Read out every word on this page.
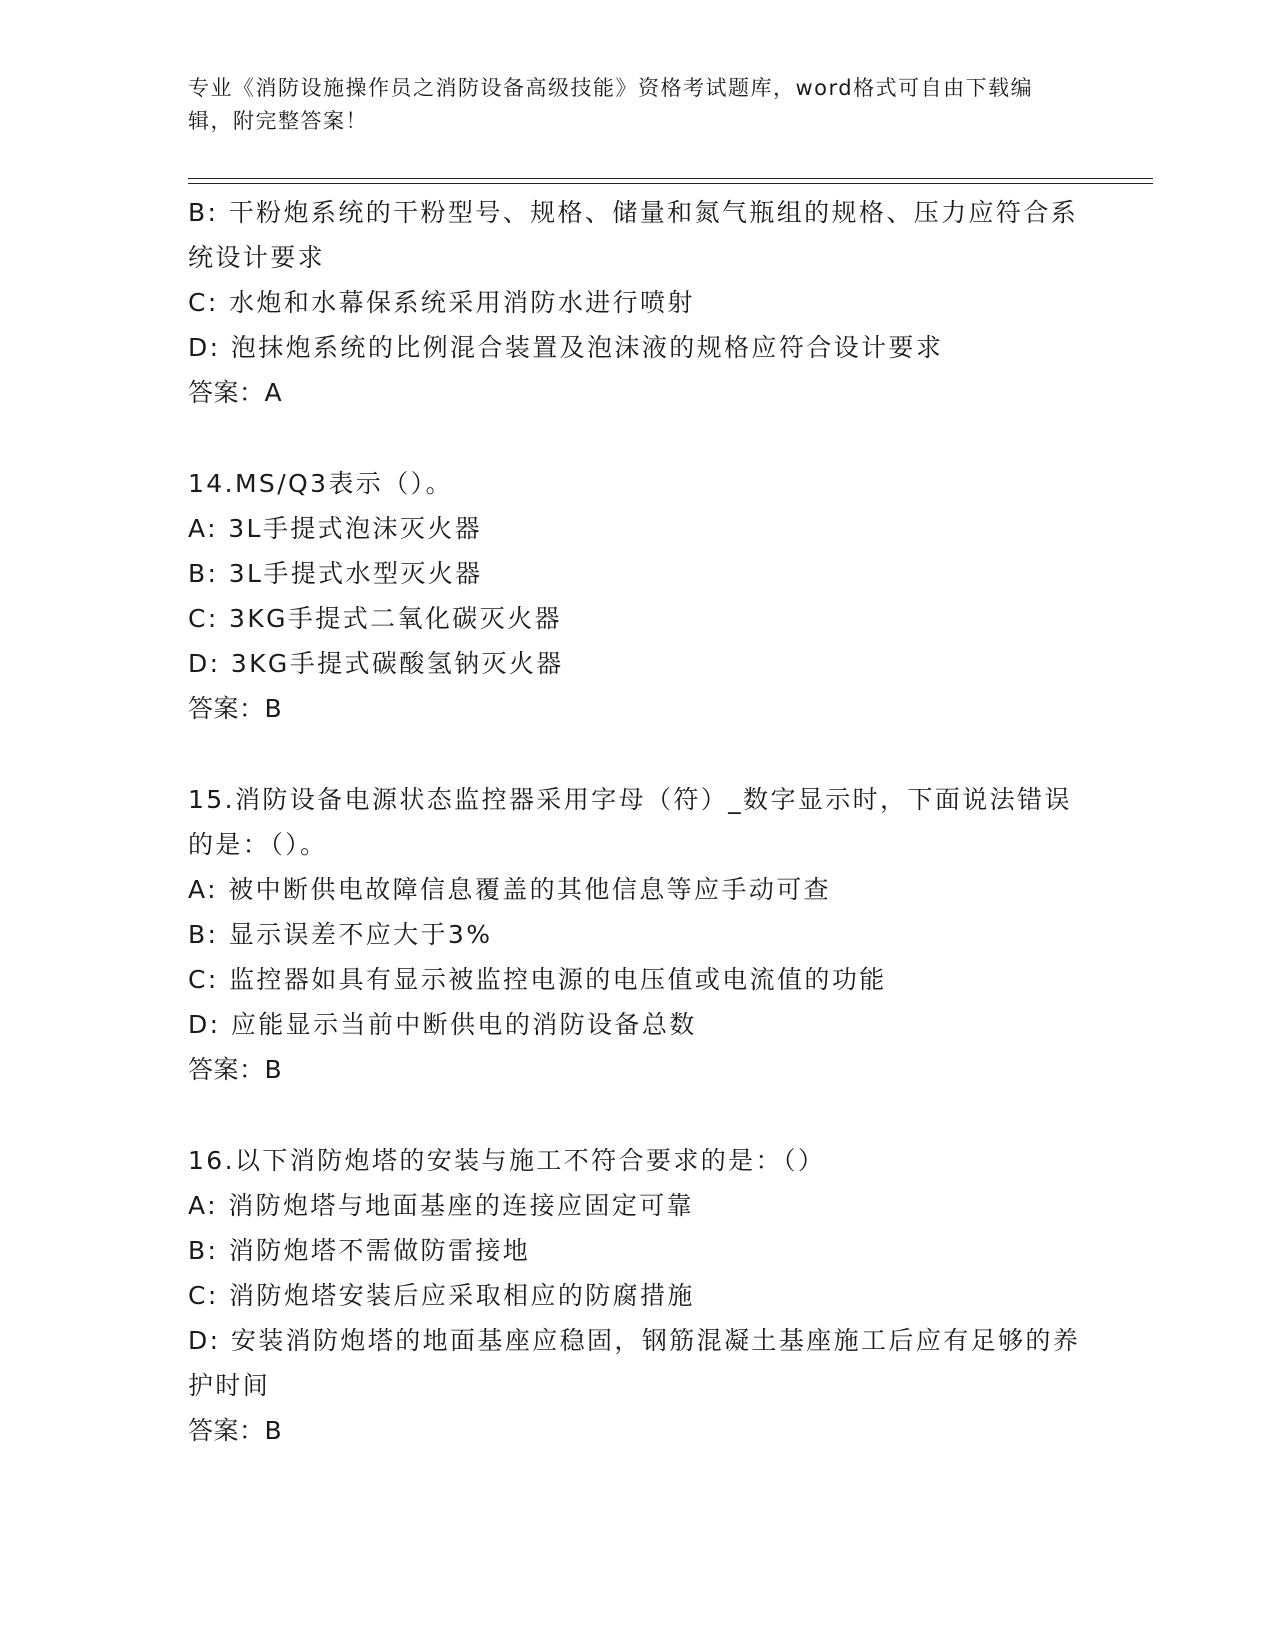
专业《消防设施操作员之消防设备高级技能》资格考试题库，word格式可自由下载编辑，附完整答案！
B: 干粉炮系统的干粉型号、规格、储量和氮气瓶组的规格、压力应符合系统设计要求
C: 水炮和水幕保系统采用消防水进行喷射
D: 泡抹炮系统的比例混合装置及泡沫液的规格应符合设计要求
答案：A
14.MS/Q3表示（）。
A: 3L手提式泡沫灭火器
B: 3L手提式水型灭火器
C: 3KG手提式二氧化碳灭火器
D: 3KG手提式碳酸氢钠灭火器
答案：B
15.消防设备电源状态监控器采用字母（符）_数字显示时，下面说法错误的是：（）。
A: 被中断供电故障信息覆盖的其他信息等应手动可查
B: 显示误差不应大于3%
C: 监控器如具有显示被监控电源的电压值或电流值的功能
D: 应能显示当前中断供电的消防设备总数
答案：B
16.以下消防炮塔的安装与施工不符合要求的是：（）
A: 消防炮塔与地面基座的连接应固定可靠
B: 消防炮塔不需做防雷接地
C: 消防炮塔安装后应采取相应的防腐措施
D: 安装消防炮塔的地面基座应稳固，钢筋混凝土基座施工后应有足够的养护时间
答案：B
